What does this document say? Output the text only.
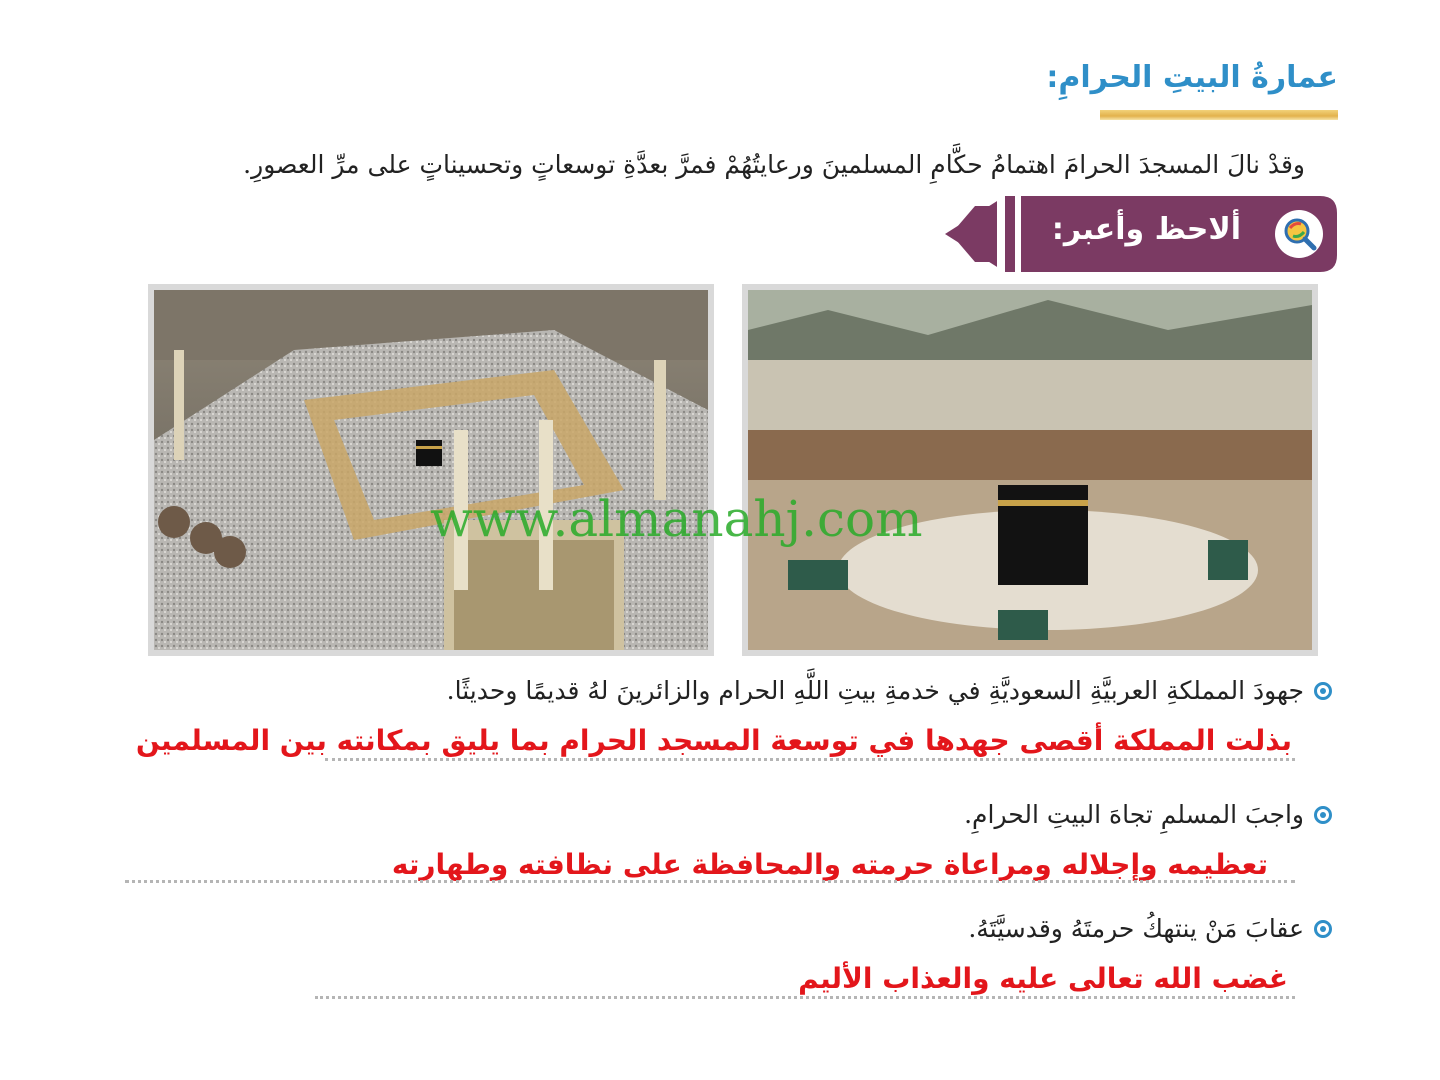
عمارةُ البيتِ الحرامِ:
وقدْ نالَ المسجدَ الحرامَ اهتمامُ حكَّامِ المسلمينَ ورعايتُهُمْ فمرَّ بعدَّةِ توسعاتٍ وتحسيناتٍ على مرِّ العصورِ.
ألاحظ وأعبر:
www.almanahj.com
جهودَ المملكةِ العربيَّةِ السعوديَّةِ في خدمةِ بيتِ اللَّهِ الحرام والزائرينَ لهُ قديمًا وحديثًا.
بذلت المملكة أقصى جهدها في توسعة المسجد الحرام بما يليق بمكانته بين المسلمين
واجبَ المسلمِ تجاهَ البيتِ الحرامِ.
تعظيمه وإجلاله ومراعاة حرمته والمحافظة على نظافته وطهارته
عقابَ مَنْ ينتهكُ حرمتَهُ وقدسيَّتَهُ.
غضب الله تعالى عليه والعذاب الأليم
